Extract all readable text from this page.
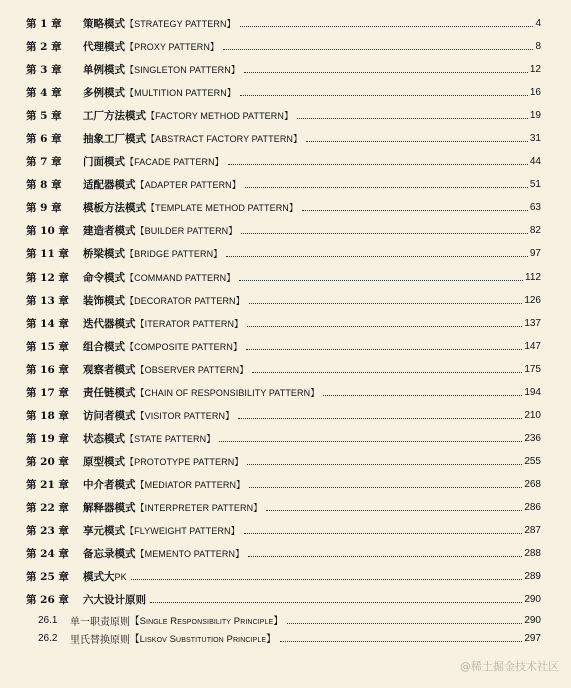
第 1 章	策略模式 【STRATEGY PATTERN】	4
第 2 章	代理模式 【PROXY PATTERN】	8
第 3 章	单例模式 【SINGLETON PATTERN】	12
第 4 章	多例模式 【MULTITION PATTERN】	16
第 5 章	工厂方法模式 【FACTORY METHOD PATTERN】	19
第 6 章	抽象工厂模式 【ABSTRACT FACTORY PATTERN】	31
第 7 章	门面模式 【FACADE PATTERN】	44
第 8 章	适配器模式 【ADAPTER PATTERN】	51
第 9 章	模板方法模式 【TEMPLATE METHOD PATTERN】	63
第 10 章	建造者模式 【BUILDER PATTERN】	82
第 11 章	桥梁模式 【BRIDGE PATTERN】	97
第 12 章	命令模式 【COMMAND PATTERN】	112
第 13 章	装饰模式 【DECORATOR PATTERN】	126
第 14 章	迭代器模式 【ITERATOR PATTERN】	137
第 15 章	组合模式 【COMPOSITE PATTERN】	147
第 16 章	观察者模式 【OBSERVER PATTERN】	175
第 17 章	责任链模式 【CHAIN OF RESPONSIBILITY PATTERN】	194
第 18 章	访问者模式 【VISITOR PATTERN】	210
第 19 章	状态模式 【STATE PATTERN】	236
第 20 章	原型模式 【PROTOTYPE PATTERN】	255
第 21 章	中介者模式 【MEDIATOR PATTERN】	268
第 22 章	解释器模式 【INTERPRETER PATTERN】	286
第 23 章	享元模式 【FLYWEIGHT PATTERN】	287
第 24 章	备忘录模式 【MEMENTO PATTERN】	288
第 25 章	模式大 PK	289
第 26 章	六大设计原则	290
26.1 单一职责原则 【Single Responsibility Principle】	290
26.2 里氏替换原则 【Liskov Substitution Principle】	297
@稀土掘金技术社区
